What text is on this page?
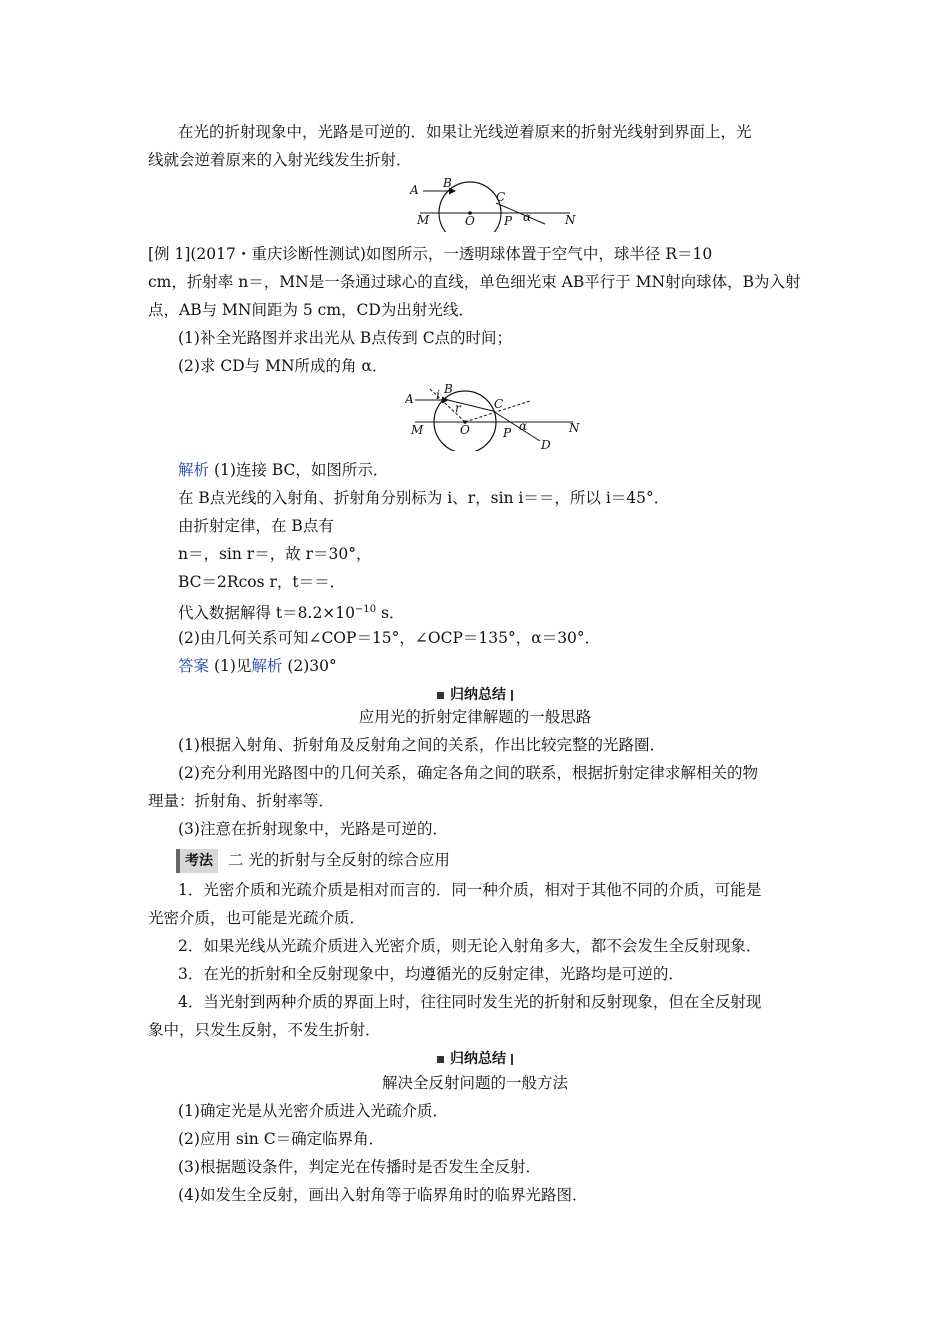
在光的折射现象中，光路是可逆的．如果让光线逆着原来的折射光线射到界面上，光
线就会逆着原来的入射光线发生折射．
A B
C
M	O P α	N
[例 1](2017・重庆诊断性测试)如图所示，一透明球体置于空气中，球半径 R＝10
cm，折射率 n＝，MN是一条通过球心的直线，单色细光束 AB平行于 MN射向球体，B为入射
点，AB与 MN间距为 5 cm，CD为出射光线．
(1)补全光路图并求出光从 B点传到 C点的时间；
(2)求 CD与 MN所成的角 α．
A
B
i
r	C
M	O	P α
D
N
解析 (1)连接 BC，如图所示．
在 B点光线的入射角、折射角分别标为 i、r，sin i＝＝，所以 i＝45°．
由折射定律，在 B点有
n＝，sin r＝，故 r＝30°，
BC＝2Rcos r，t＝＝．
代入数据解得 $t=8.2\times 10^{-10}$ s．
(2)由几何关系可知∠COP＝15°，∠OCP＝135°，α＝30°．
答案 (1)见解析 (2)30°
归纳总结
应用光的折射定律解题的一般思路
(1)根据入射角、折射角及反射角之间的关系，作出比较完整的光路圈．
(2)充分利用光路图中的几何关系，确定各角之间的联系，根据折射定律求解相关的物
理量：折射角、折射率等．
(3)注意在折射现象中，光路是可逆的．
考法 二 光的折射与全反射的综合应用
1．光密介质和光疏介质是相对而言的．同一种介质，相对于其他不同的介质，可能是
光密介质，也可能是光疏介质．
2．如果光线从光疏介质进入光密介质，则无论入射角多大，都不会发生全反射现象．
3．在光的折射和全反射现象中，均遵循光的反射定律，光路均是可逆的．
4．当光射到两种介质的界面上时，往往同时发生光的折射和反射现象，但在全反射现
象中，只发生反射，不发生折射．
归纳总结
解决全反射问题的一般方法
(1)确定光是从光密介质进入光疏介质．
(2)应用 sin C＝确定临界角．
(3)根据题设条件，判定光在传播时是否发生全反射．
(4)如发生全反射，画出入射角等于临界角时的临界光路图．
